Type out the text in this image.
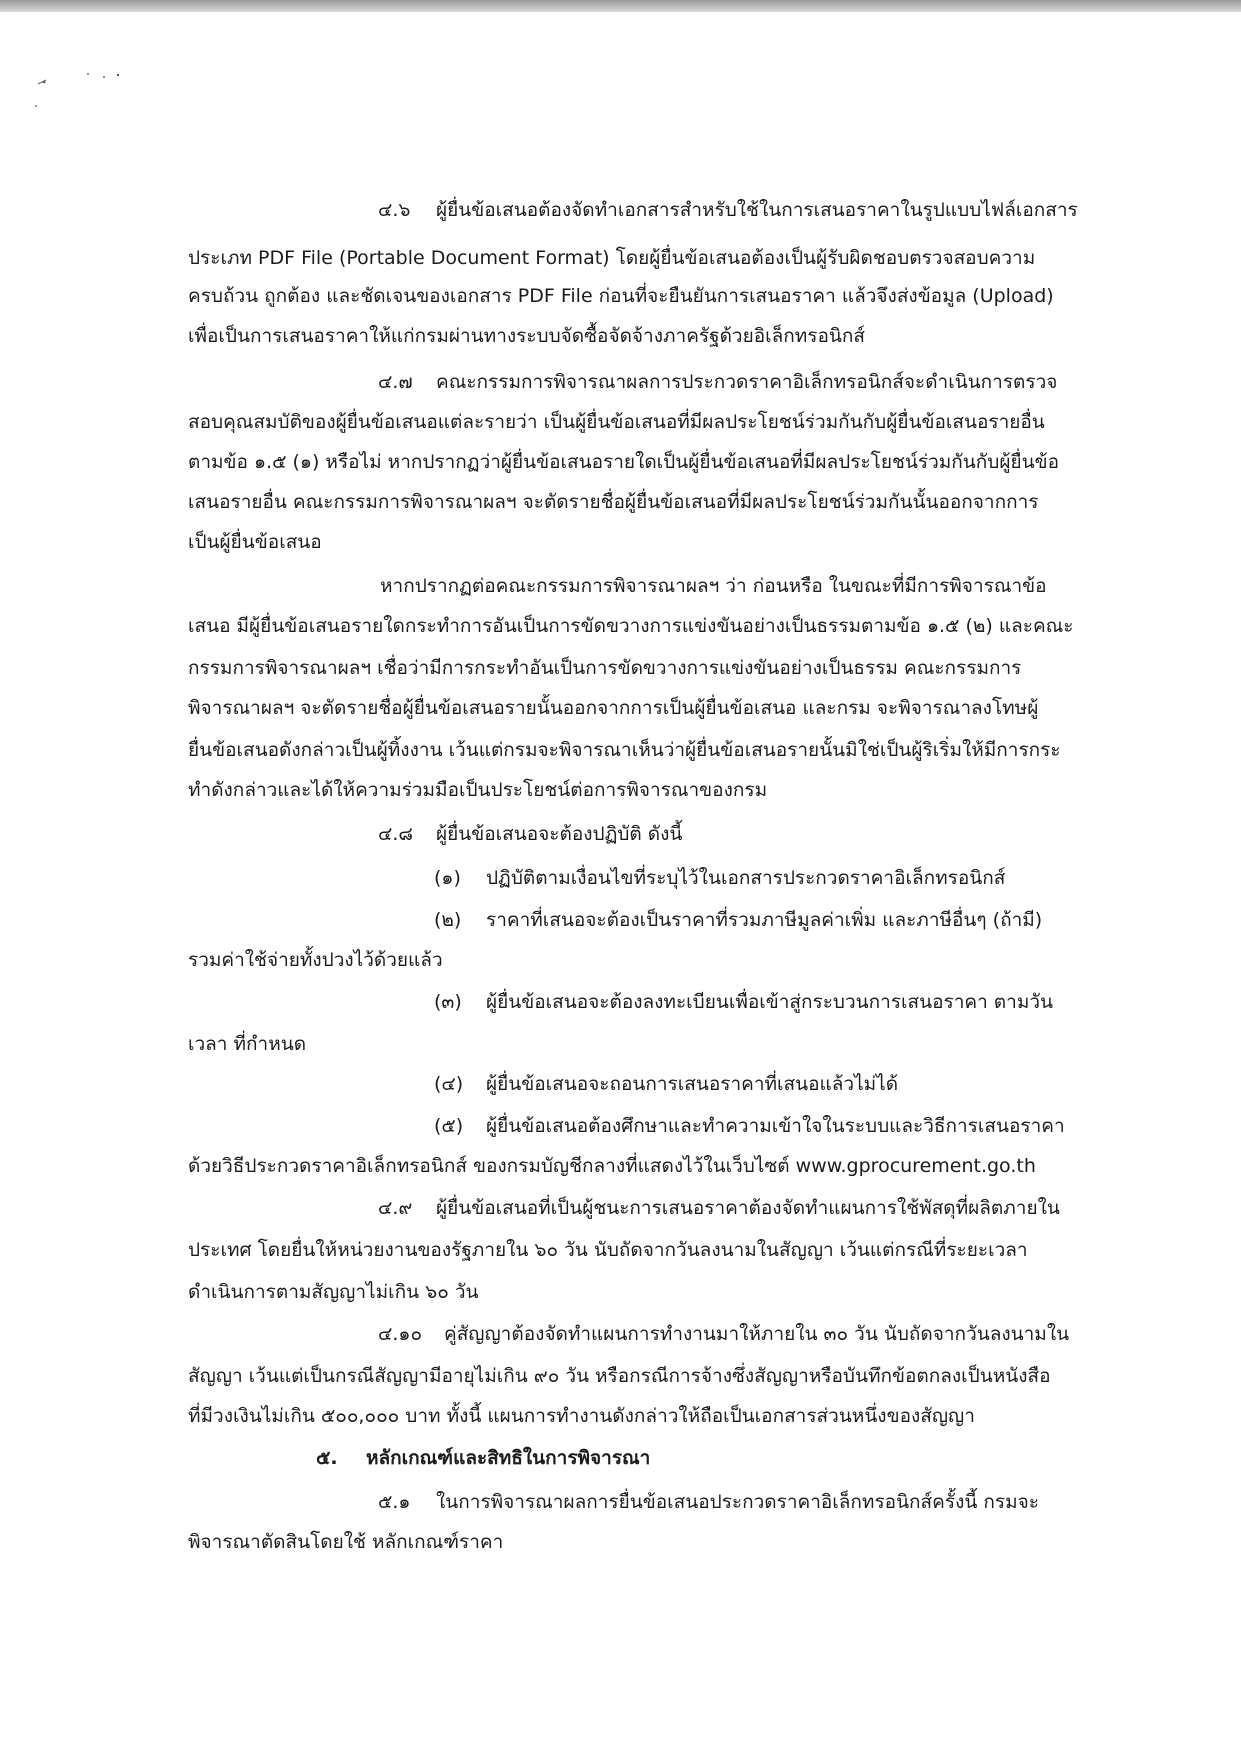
๔.๖ ผู้ยื่นข้อเสนอต้องจัดทำเอกสารสำหรับใช้ในการเสนอราคาในรูปแบบไฟล์เอกสาร
ประเภท PDF File (Portable Document Format) โดยผู้ยื่นข้อเสนอต้องเป็นผู้รับผิดชอบตรวจสอบความ
ครบถ้วน ถูกต้อง และชัดเจนของเอกสาร PDF File ก่อนที่จะยืนยันการเสนอราคา แล้วจึงส่งข้อมูล (Upload)
เพื่อเป็นการเสนอราคาให้แก่กรมผ่านทางระบบจัดซื้อจัดจ้างภาครัฐด้วยอิเล็กทรอนิกส์
๔.๗ คณะกรรมการพิจารณาผลการประกวดราคาอิเล็กทรอนิกส์จะดำเนินการตรวจ
สอบคุณสมบัติของผู้ยื่นข้อเสนอแต่ละรายว่า เป็นผู้ยื่นข้อเสนอที่มีผลประโยชน์ร่วมกันกับผู้ยื่นข้อเสนอรายอื่น
ตามข้อ ๑.๕ (๑) หรือไม่ หากปรากฏว่าผู้ยื่นข้อเสนอรายใดเป็นผู้ยื่นข้อเสนอที่มีผลประโยชน์ร่วมกันกับผู้ยื่นข้อ
เสนอรายอื่น คณะกรรมการพิจารณาผลฯ จะตัดรายชื่อผู้ยื่นข้อเสนอที่มีผลประโยชน์ร่วมกันนั้นออกจากการ
เป็นผู้ยื่นข้อเสนอ
หากปรากฏต่อคณะกรรมการพิจารณาผลฯ ว่า ก่อนหรือ ในขณะที่มีการพิจารณาข้อ
เสนอ มีผู้ยื่นข้อเสนอรายใดกระทำการอันเป็นการขัดขวางการแข่งขันอย่างเป็นธรรมตามข้อ ๑.๕ (๒) และคณะ
กรรมการพิจารณาผลฯ เชื่อว่ามีการกระทำอันเป็นการขัดขวางการแข่งขันอย่างเป็นธรรม คณะกรรมการ
พิจารณาผลฯ จะตัดรายชื่อผู้ยื่นข้อเสนอรายนั้นออกจากการเป็นผู้ยื่นข้อเสนอ และกรม จะพิจารณาลงโทษผู้
ยื่นข้อเสนอดังกล่าวเป็นผู้ทิ้งงาน เว้นแต่กรมจะพิจารณาเห็นว่าผู้ยื่นข้อเสนอรายนั้นมิใช่เป็นผู้ริเริ่มให้มีการกระ
ทำดังกล่าวและได้ให้ความร่วมมือเป็นประโยชน์ต่อการพิจารณาของกรม
๔.๘ ผู้ยื่นข้อเสนอจะต้องปฏิบัติ ดังนี้
(๑) ปฏิบัติตามเงื่อนไขที่ระบุไว้ในเอกสารประกวดราคาอิเล็กทรอนิกส์
(๒) ราคาที่เสนอจะต้องเป็นราคาที่รวมภาษีมูลค่าเพิ่ม และภาษีอื่นๆ (ถ้ามี)
รวมค่าใช้จ่ายทั้งปวงไว้ด้วยแล้ว
(๓) ผู้ยื่นข้อเสนอจะต้องลงทะเบียนเพื่อเข้าสู่กระบวนการเสนอราคา ตามวัน
เวลา ที่กำหนด
(๔) ผู้ยื่นข้อเสนอจะถอนการเสนอราคาที่เสนอแล้วไม่ได้
(๕) ผู้ยื่นข้อเสนอต้องศึกษาและทำความเข้าใจในระบบและวิธีการเสนอราคา
ด้วยวิธีประกวดราคาอิเล็กทรอนิกส์ ของกรมบัญชีกลางที่แสดงไว้ในเว็บไซต์ www.gprocurement.go.th
๔.๙ ผู้ยื่นข้อเสนอที่เป็นผู้ชนะการเสนอราคาต้องจัดทำแผนการใช้พัสดุที่ผลิตภายใน
ประเทศ โดยยื่นให้หน่วยงานของรัฐภายใน ๖๐ วัน นับถัดจากวันลงนามในสัญญา เว้นแต่กรณีที่ระยะเวลา
ดำเนินการตามสัญญาไม่เกิน ๖๐ วัน
๔.๑๐ คู่สัญญาต้องจัดทำแผนการทำงานมาให้ภายใน ๓๐ วัน นับถัดจากวันลงนามใน
สัญญา เว้นแต่เป็นกรณีสัญญามีอายุไม่เกิน ๙๐ วัน หรือกรณีการจ้างซึ่งสัญญาหรือบันทึกข้อตกลงเป็นหนังสือ
ที่มีวงเงินไม่เกิน ๕๐๐,๐๐๐ บาท ทั้งนี้ แผนการทำงานดังกล่าวให้ถือเป็นเอกสารส่วนหนึ่งของสัญญา
๕. หลักเกณฑ์และสิทธิในการพิจารณา
๕.๑ ในการพิจารณาผลการยื่นข้อเสนอประกวดราคาอิเล็กทรอนิกส์ครั้งนี้ กรมจะ
พิจารณาตัดสินโดยใช้ หลักเกณฑ์ราคา
